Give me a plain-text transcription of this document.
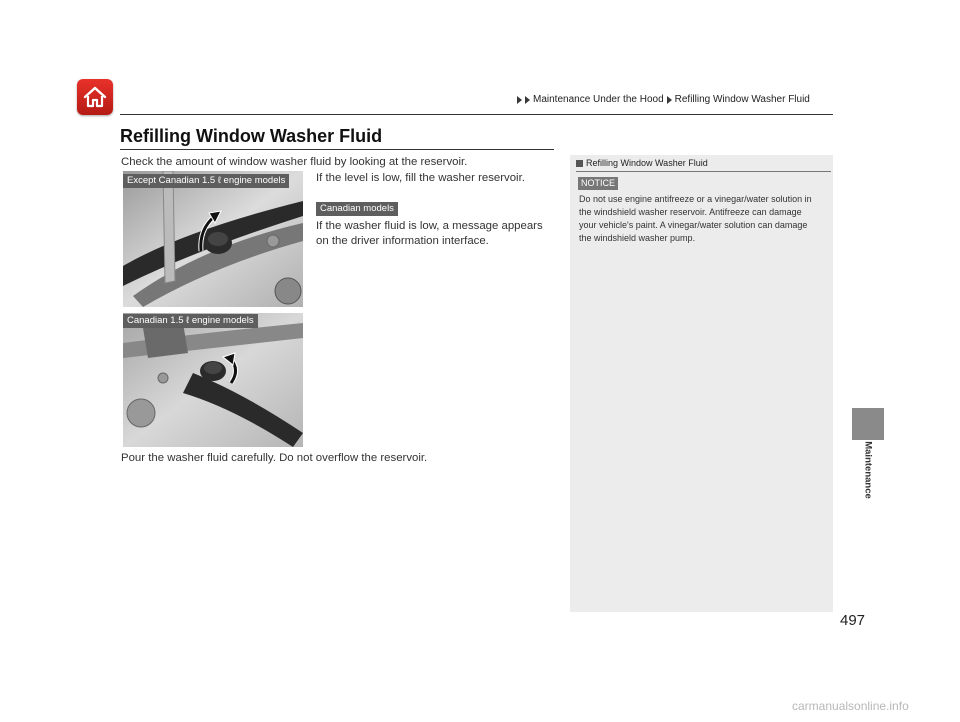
Maintenance Under the Hood Refilling Window Washer Fluid
Refilling Window Washer Fluid
Check the amount of window washer fluid by looking at the reservoir.
Except Canadian 1.5 ℓ engine models	If the level is low, fill the washer reservoir.
Canadian models
If the washer fluid is low, a message appears on the driver information interface.
Canadian 1.5 ℓ engine models
Pour the washer fluid carefully. Do not overflow the reservoir.
Refilling Window Washer Fluid
NOTICE
Do not use engine antifreeze or a vinegar/water solution in the windshield washer reservoir. Antifreeze can damage your vehicle's paint. A vinegar/water solution can damage the windshield washer pump.
Maintenance
497
carmanualsonline.info
